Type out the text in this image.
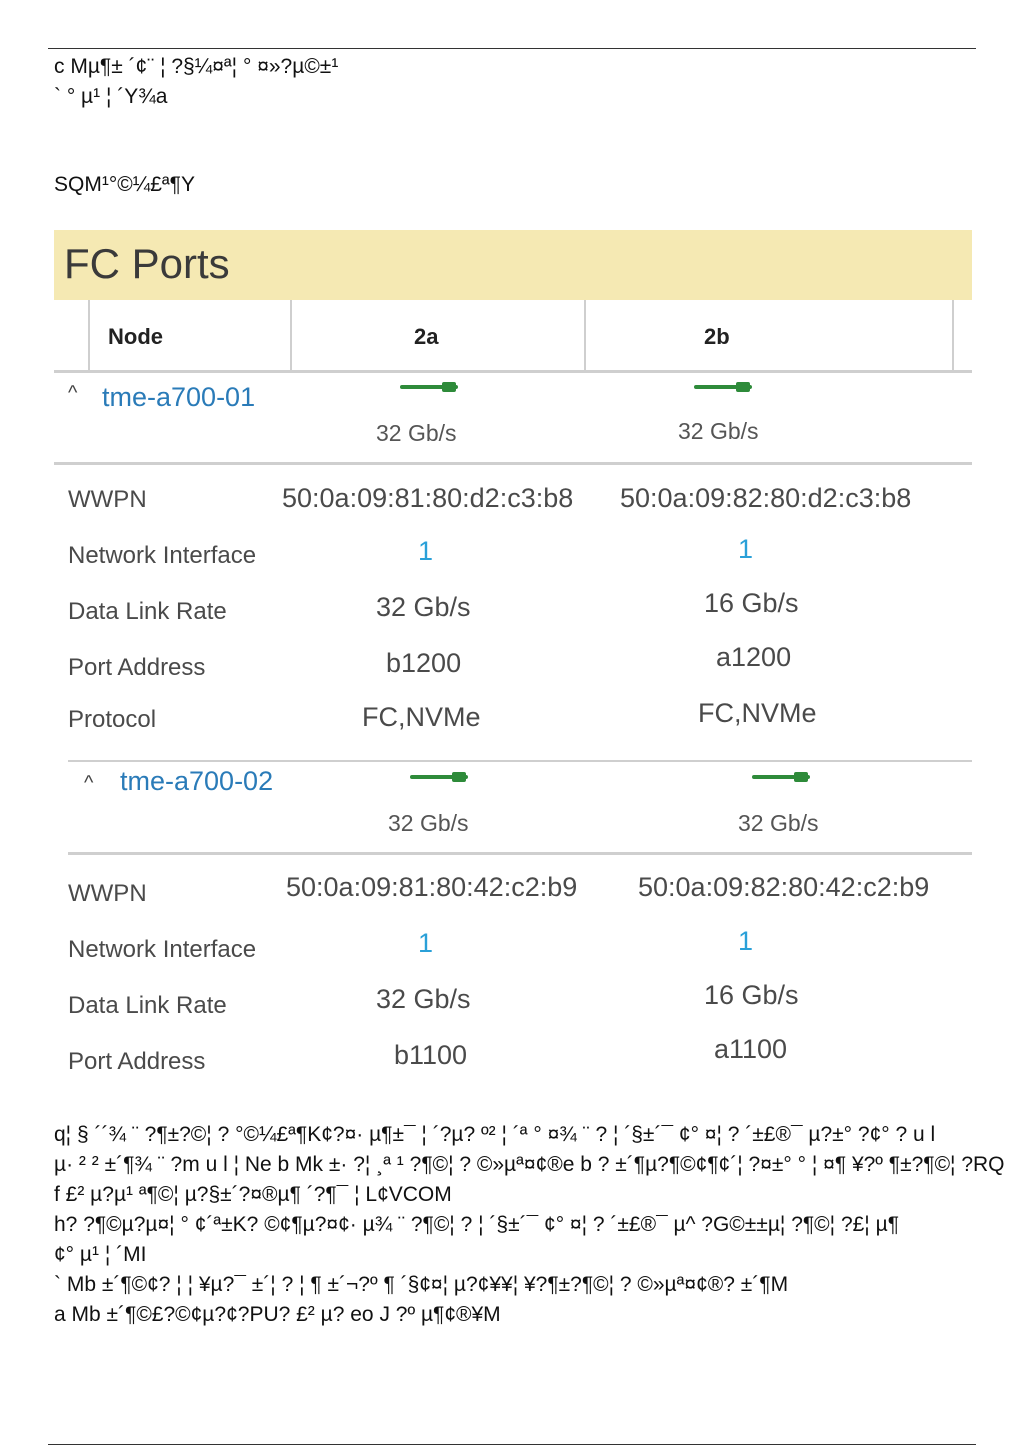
c Mµ¶± ´¢¨ ¦ ?§¼¤ª¦ ° ¤»?µ©±¹
` ° µ¹ ¦ ´Y¾a
SQM¹°©¼£ª¶Y
FC Ports
Node	2a	2b
^ tme-a700-01
32 Gb/s	32 Gb/s
WWPN	50:0a:09:81:80:d2:c3:b8 50:0a:09:82:80:d2:c3:b8
Network Interface	1	1
Data Link Rate	32 Gb/s	16 Gb/s
Port Address	b1200	a1200
Protocol	FC,NVMe	FC,NVMe
^ tme-a700-02
32 Gb/s	32 Gb/s
WWPN	50:0a:09:81:80:42:c2:b9 50:0a:09:82:80:42:c2:b9
Network Interface	1	1
Data Link Rate	32 Gb/s	16 Gb/s
Port Address	b1100	a1100
q¦ § ´´¾ ¨ ?¶±?©¦ ? °©¼£ª¶K¢?¤· µ¶±¯ ¦ ´?µ? º² ¦ ´ª ° ¤¾ ¨ ? ¦ ´§±´¯ ¢° ¤¦ ? ´±£®¯ µ?±° ?¢° ? u l
µ· ² ² ±´¶¾ ¨ ?m u l ¦ Ne b Mk ±· ?¦ ¸ª ¹ ?¶©¦ ? ©»µª¤¢®e b ? ±´¶µ?¶©¢¶¢´¦ ?¤±° ° ¦ ¤¶ ¥?º ¶±?¶©¦ ?RQ
f £² µ?µ¹ ª¶©¦ µ?§±´?¤®µ¶ ´?¶¯ ¦ L¢VCOM
h? ?¶©µ?µ¤¦ ° ¢´ª±K? ©¢¶µ?¤¢· µ¾ ¨ ?¶©¦ ? ¦ ´§±´¯ ¢° ¤¦ ? ´±£®¯ µ^ ?G©±±µ¦ ?¶©¦ ?£¦ µ¶
¢° µ¹ ¦ ´MI
` Mb ±´¶©¢? ¦ ¦ ¥µ?¯ ±´¦ ? ¦ ¶ ±´¬?º ¶ ´§¢¤¦ µ?¢¥¥¦ ¥?¶±?¶©¦ ? ©»µª¤¢®? ±´¶M
a Mb ±´¶©£?©¢µ?¢?PU? £² µ? eo J ?º µ¶¢®¥M
